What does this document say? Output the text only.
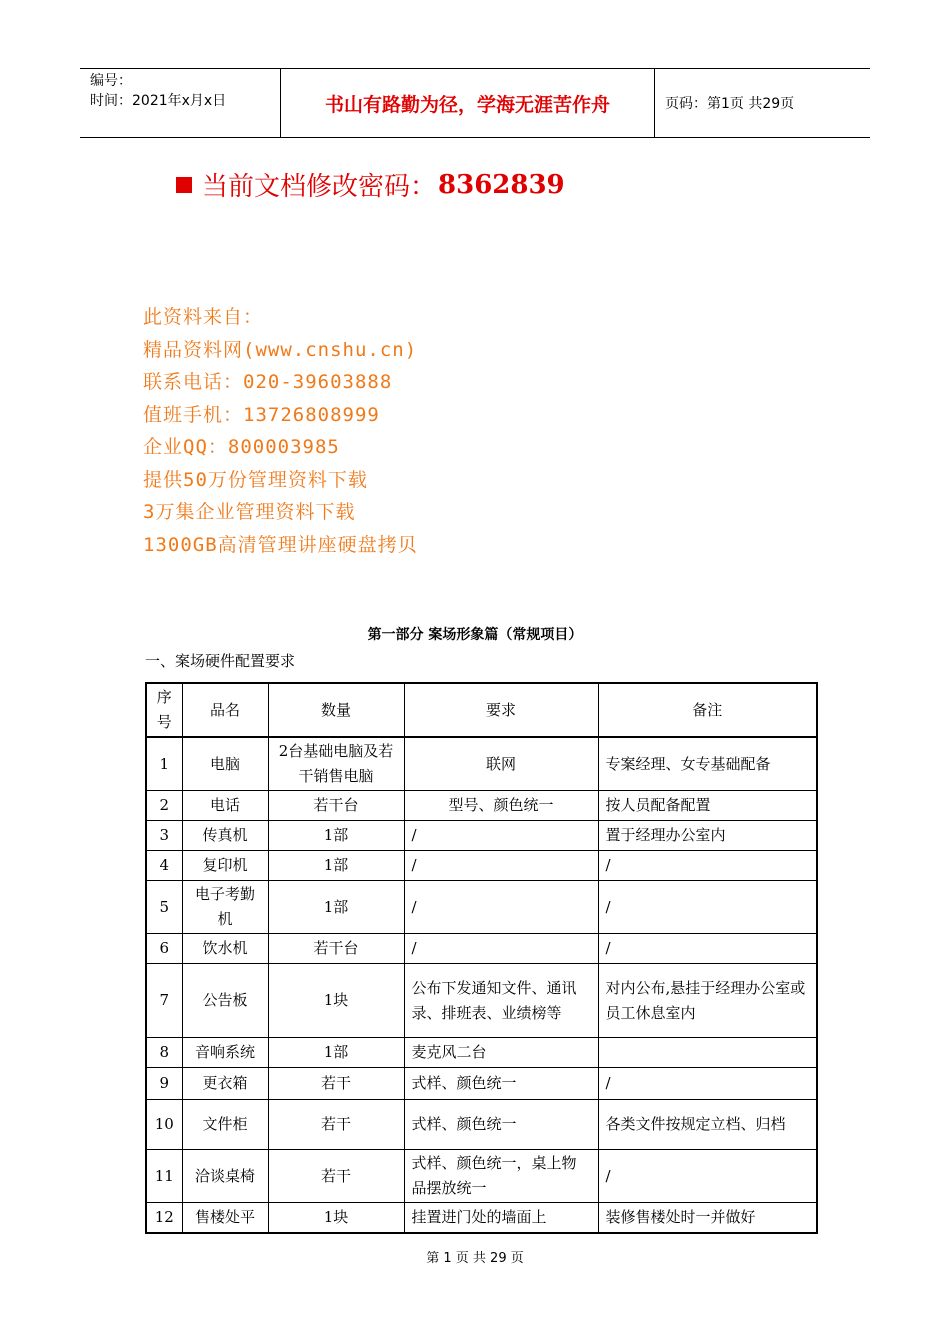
编号：
时间：2021年x月x日	书山有路勤为径，学海无涯苦作舟	页码：第1页 共29页
当前文档修改密码： 8362839
此资料来自：
精品资料网(www.cnshu.cn)
联系电话：020-39603888
值班手机：13726808999
企业QQ：800003985
提供50万份管理资料下载
3万集企业管理资料下载
1300GB高清管理讲座硬盘拷贝
第一部分 案场形象篇（常规项目）
一、案场硬件配置要求
序号	品名	数量	要求	备注
1	电脑	2台基础电脑及若干销售电脑	联网	专案经理、女专基础配备
2	电话	若干台	型号、颜色统一	按人员配备配置
3	传真机	1部	/	置于经理办公室内
4	复印机	1部	/	/
5	电子考勤机	1部	/	/
6	饮水机	若干台	/	/
7	公告板	1块	公布下发通知文件、通讯录、排班表、业绩榜等	对内公布,悬挂于经理办公室或员工休息室内
8	音响系统	1部	麦克风二台	
9	更衣箱	若干	式样、颜色统一	/
10	文件柜	若干	式样、颜色统一	各类文件按规定立档、归档
11	洽谈桌椅	若干	式样、颜色统一，桌上物品摆放统一	/
12	售楼处平	1块	挂置进门处的墙面上	装修售楼处时一并做好
第 1 页 共 29 页
